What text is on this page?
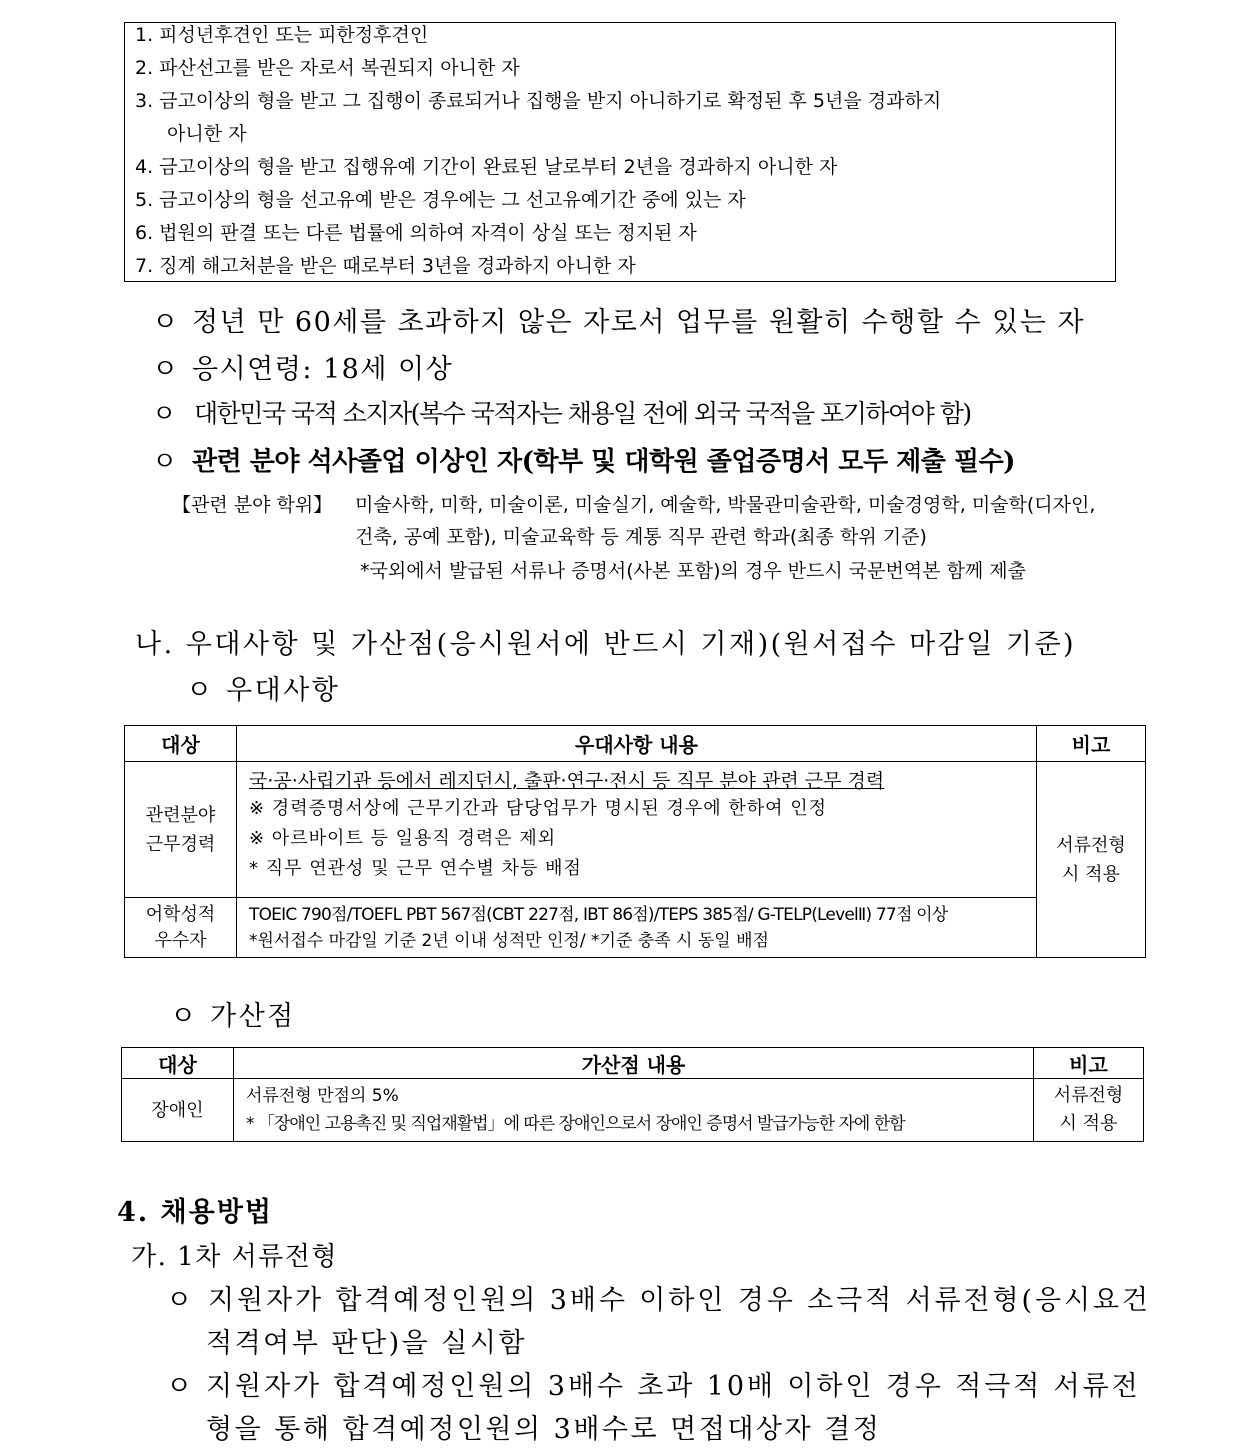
1. 피성년후견인 또는 피한정후견인
2. 파산선고를 받은 자로서 복권되지 아니한 자
3. 금고이상의 형을 받고 그 집행이 종료되거나 집행을 받지 아니하기로 확정된 후 5년을 경과하지
아니한 자
4. 금고이상의 형을 받고 집행유예 기간이 완료된 날로부터 2년을 경과하지 아니한 자
5. 금고이상의 형을 선고유예 받은 경우에는 그 선고유예기간 중에 있는 자
6. 법원의 판결 또는 다른 법률에 의하여 자격이 상실 또는 정지된 자
7. 징계 해고처분을 받은 때로부터 3년을 경과하지 아니한 자
ㅇ 정년 만 60세를 초과하지 않은 자로서 업무를 원활히 수행할 수 있는 자
ㅇ 응시연령: 18세 이상
ㅇ 대한민국 국적 소지자(복수 국적자는 채용일 전에 외국 국적을 포기하여야 함)
ㅇ 관련 분야 석사졸업 이상인 자(학부 및 대학원 졸업증명서 모두 제출 필수)
【관련 분야 학위】 미술사학, 미학, 미술이론, 미술실기, 예술학, 박물관미술관학, 미술경영학, 미술학(디자인,
건축, 공예 포함), 미술교육학 등 계통 직무 관련 학과(최종 학위 기준)
*국외에서 발급된 서류나 증명서(사본 포함)의 경우 반드시 국문번역본 함께 제출
나. 우대사항 및 가산점(응시원서에 반드시 기재)(원서접수 마감일 기준)
ㅇ 우대사항
대상	우대사항 내용	비고

관련분야 근무경력	국·공·사립기관 등에서 레지던시, 출판·연구·전시 등 직무 분야 관련 근무 경력
※ 경력증명서상에 근무기간과 담당업무가 명시된 경우에 한하여 인정
※ 아르바이트 등 일용직 경력은 제외
* 직무 연관성 및 근무 연수별 차등 배점	서류전형 시 적용

어학성적 우수자	TOEIC 790점/TOEFL PBT 567점(CBT 227점, IBT 86점)/TEPS 385점/ G-TELP(LevelⅡ) 77점 이상
*원서접수 마감일 기준 2년 이내 성적만 인정/ *기준 충족 시 동일 배점	
ㅇ 가산점
대상	가산점 내용	비고
장애인	서류전형 만점의 5%
* 「장애인 고용촉진 및 직업재활법」에 따른 장애인으로서 장애인 증명서 발급가능한 자에 한함	서류전형 시 적용
4. 채용방법
가. 1차 서류전형
ㅇ 지원자가 합격예정인원의 3배수 이하인 경우 소극적 서류전형(응시요건
적격여부 판단)을 실시함
ㅇ 지원자가 합격예정인원의 3배수 초과 10배 이하인 경우 적극적 서류전
형을 통해 합격예정인원의 3배수로 면접대상자 결정
